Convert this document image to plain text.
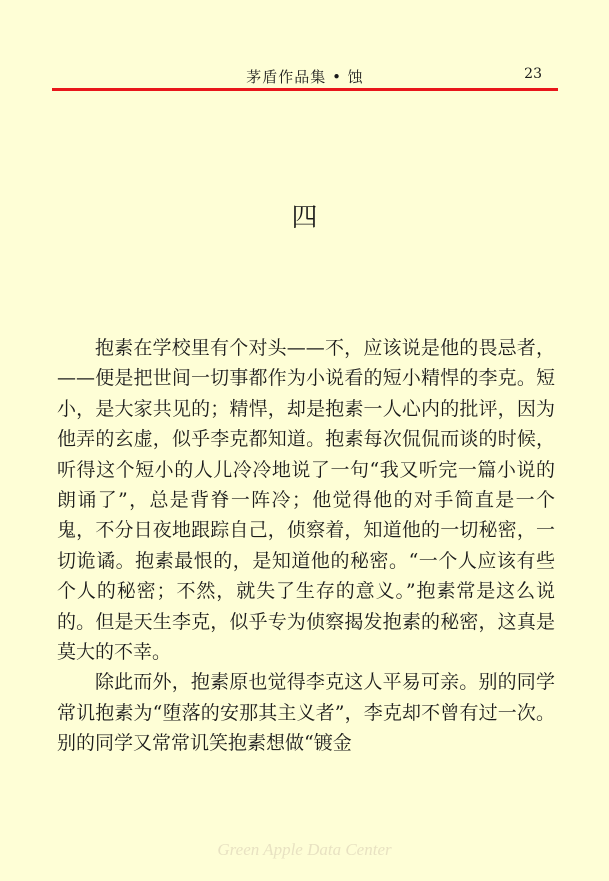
茅盾作品集 • 蚀	23
四

抱素在学校里有个对头——不，应该说是他的畏忌者，——便是把世间一切事都作为小说看的短小精悍的李克。短小，是大家共见的；精悍，却是抱素一人心内的批评，因为他弄的玄虚，似乎李克都知道。抱素每次侃侃而谈的时候，听得这个短小的人儿冷冷地说了一句“我又听完一篇小说的朗诵了”，总是背脊一阵冷；他觉得他的对手简直是一个鬼，不分日夜地跟踪自己，侦察着，知道他的一切秘密，一切诡谲。抱素最恨的，是知道他的秘密。“一个人应该有些个人的秘密；不然，就失了生存的意义。”抱素常是这么说的。但是天生李克，似乎专为侦察揭发抱素的秘密，这真是莫大的不幸。

除此而外，抱素原也觉得李克这人平易可亲。别的同学常讥抱素为“堕落的安那其主义者”，李克却不曾有过一次。别的同学又常常讥笑抱素想做“镀金

Green Apple Data Center
